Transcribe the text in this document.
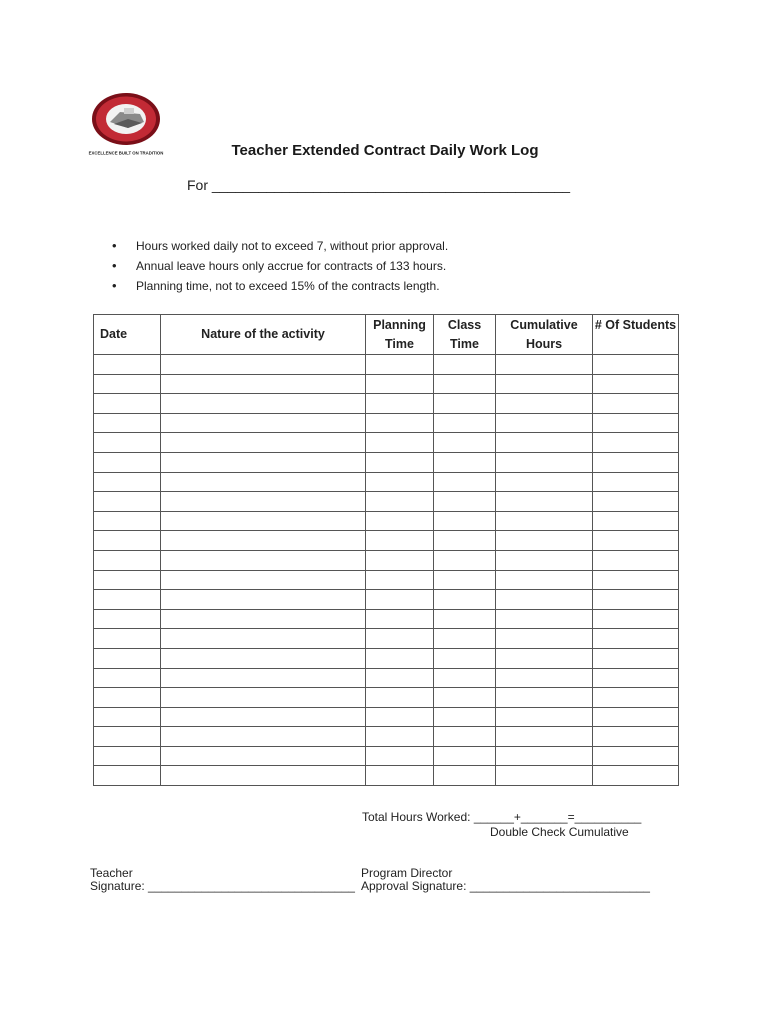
EXCELLENCE BUILT ON TRADITION	Teacher Extended Contract Daily Work Log
For ______________________________________________
• Hours worked daily not to exceed 7, without prior approval.
• Annual leave hours only accrue for contracts of 133 hours.
• Planning time, not to exceed 15% of the contracts length.
Date	Nature of the activity	Planning Time	Class Time	Cumulative Hours	# Of Students

Total Hours Worked: ______+_______=__________
Double Check Cumulative
Teacher
Signature: _______________________________
Program Director
Approval Signature: ___________________________
